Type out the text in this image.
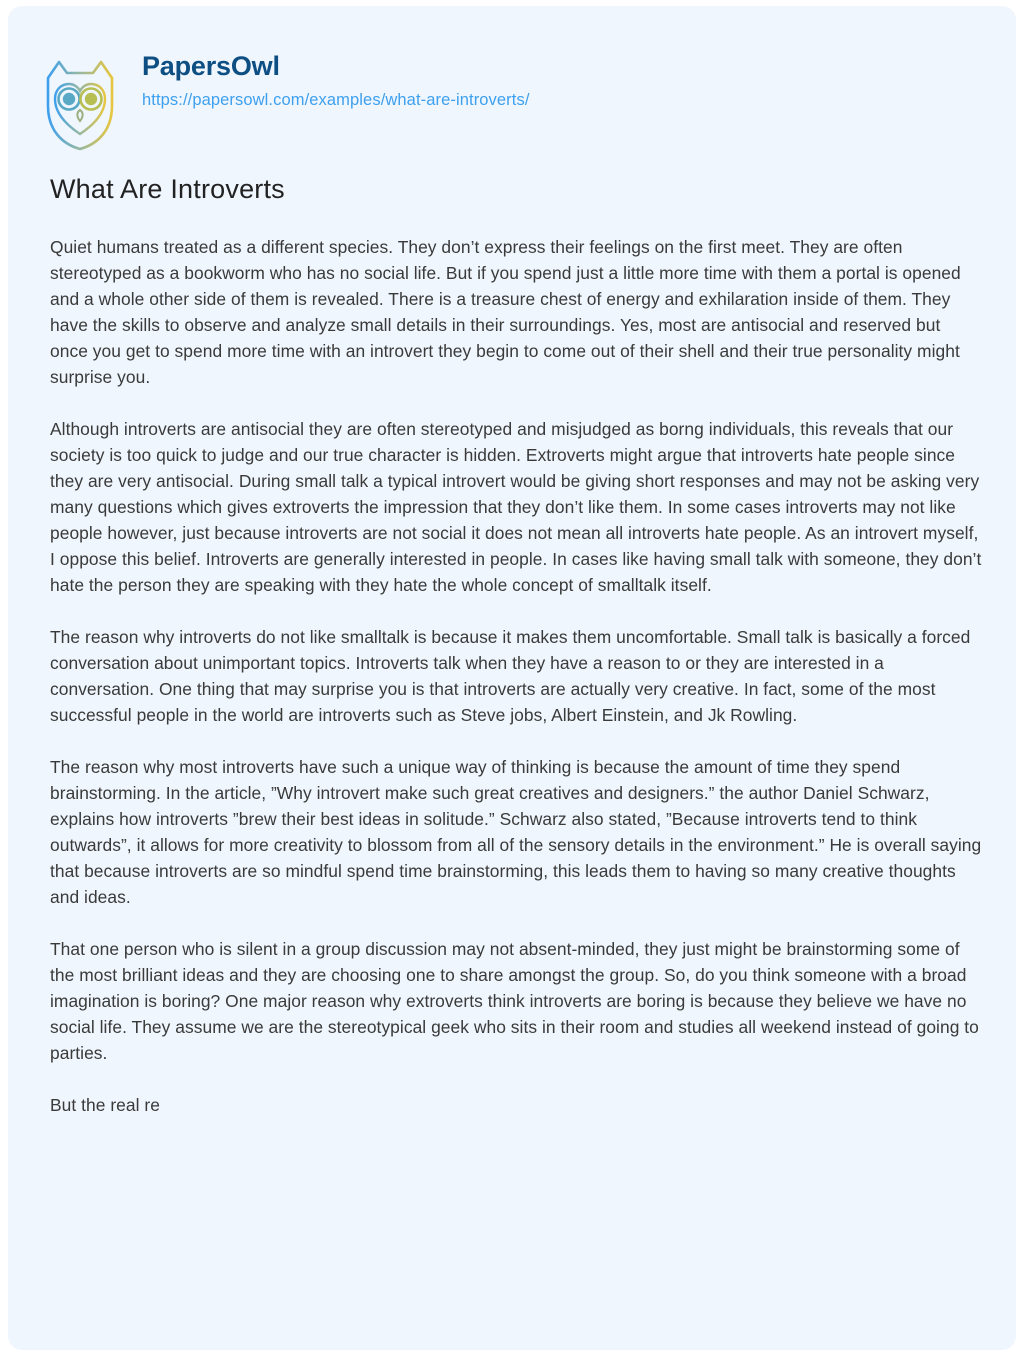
PapersOwl
https://papersowl.com/examples/what-are-introverts/
What Are Introverts

Quiet humans treated as a different species. They don’t express their feelings on the first meet. They are often stereotyped as a bookworm who has no social life. But if you spend just a little more time with them a portal is opened and a whole other side of them is revealed. There is a treasure chest of energy and exhilaration inside of them. They have the skills to observe and analyze small details in their surroundings. Yes, most are antisocial and reserved but once you get to spend more time with an introvert they begin to come out of their shell and their true personality might surprise you.

Although introverts are antisocial they are often stereotyped and misjudged as borng individuals, this reveals that our society is too quick to judge and our true character is hidden. Extroverts might argue that introverts hate people since they are very antisocial. During small talk a typical introvert would be giving short responses and may not be asking very many questions which gives extroverts the impression that they don’t like them. In some cases introverts may not like people however, just because introverts are not social it does not mean all introverts hate people. As an introvert myself, I oppose this belief. Introverts are generally interested in people. In cases like having small talk with someone, they don’t hate the person they are speaking with they hate the whole concept of smalltalk itself.

The reason why introverts do not like smalltalk is because it makes them uncomfortable. Small talk is basically a forced conversation about unimportant topics. Introverts talk when they have a reason to or they are interested in a conversation. One thing that may surprise you is that introverts are actually very creative. In fact, some of the most successful people in the world are introverts such as Steve jobs, Albert Einstein, and Jk Rowling.

The reason why most introverts have such a unique way of thinking is because the amount of time they spend brainstorming. In the article, ”Why introvert make such great creatives and designers.” the author Daniel Schwarz, explains how introverts ”brew their best ideas in solitude.” Schwarz also stated, ”Because introverts tend to think outwards”, it allows for more creativity to blossom from all of the sensory details in the environment.” He is overall saying that because introverts are so mindful spend time brainstorming, this leads them to having so many creative thoughts and ideas.

That one person who is silent in a group discussion may not absent-minded, they just might be brainstorming some of the most brilliant ideas and they are choosing one to share amongst the group. So, do you think someone with a broad imagination is boring? One major reason why extroverts think introverts are boring is because they believe we have no social life. They assume we are the stereotypical geek who sits in their room and studies all weekend instead of going to parties.

But the real re
